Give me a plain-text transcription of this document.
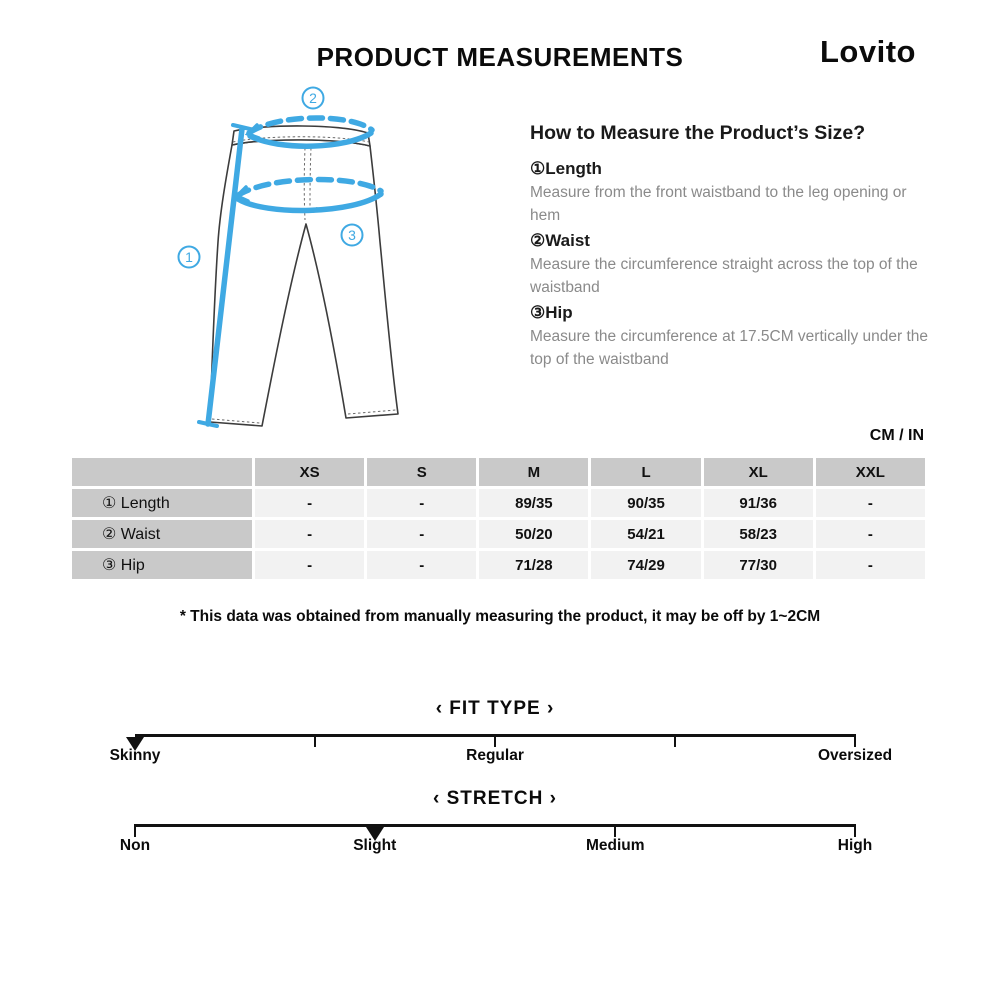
PRODUCT MEASUREMENTS	Lovito
1
2
3
How to Measure the Product’s Size?
①Length
Measure from the front waistband to the leg opening or hem
②Waist
Measure the circumference straight across the top of the waistband
③Hip
Measure the circumference at 17.5CM vertically under the top of the waistband
CM / IN
	XS	S	M	L	XL	XXL
① Length	-	-	89/35	90/35	91/36	-
② Waist	-	-	50/20	54/21	58/23	-
③ Hip	-	-	71/28	74/29	77/30	-
* This data was obtained from manually measuring the product, it may be off by 1~2CM
‹ FIT TYPE ›
Skinny	Regular	Oversized
‹ STRETCH ›
Non	Slight	Medium	High
